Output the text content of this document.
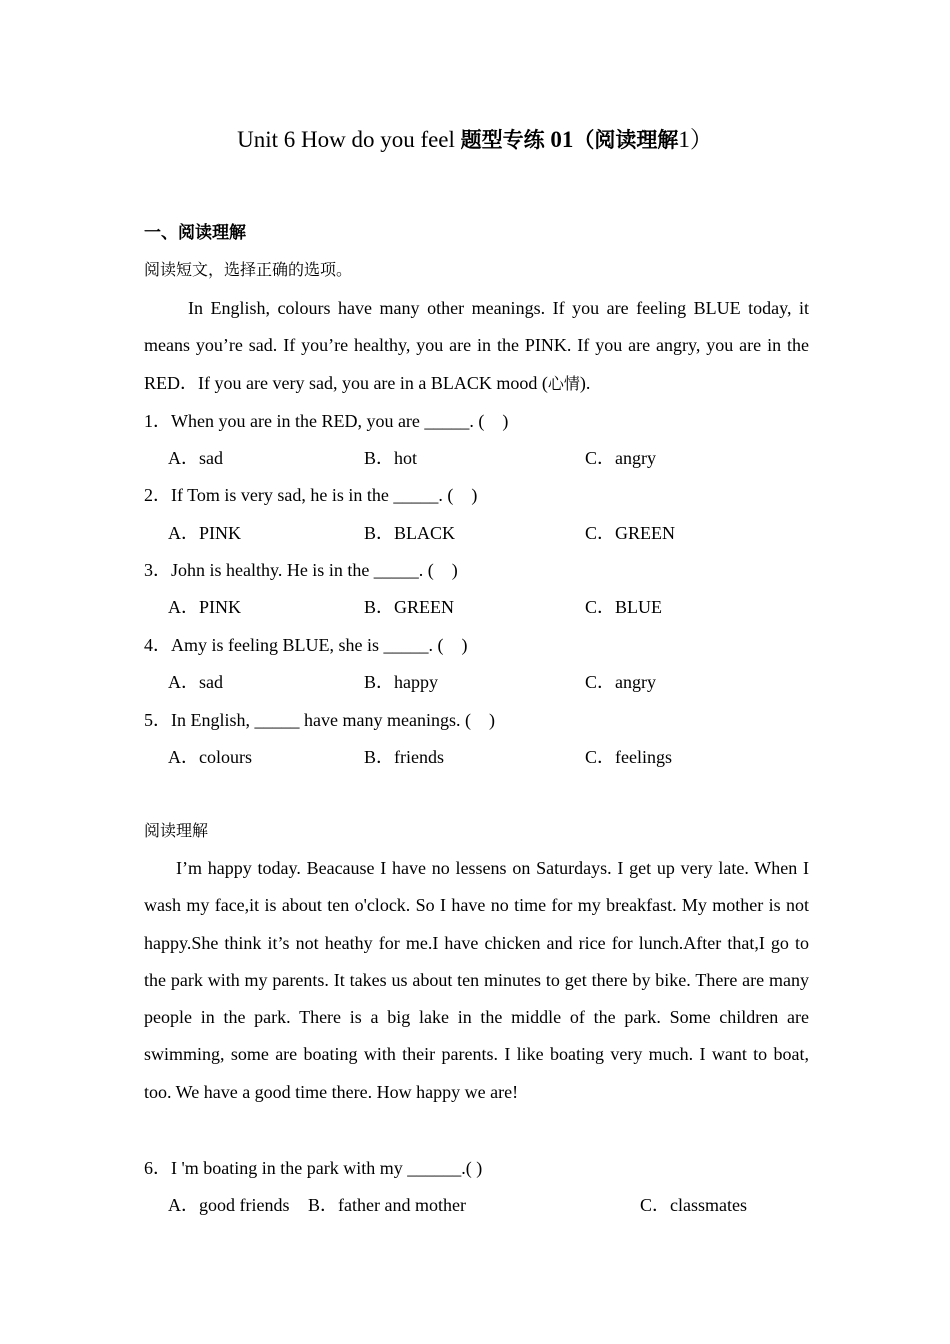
Unit 6 How do you feel 题型专练 01（阅读理解1）
一、阅读理解
阅读短文，选择正确的选项。

In English, colours have many other meanings. If you are feeling BLUE today, it means you’re sad. If you’re healthy, you are in the PINK. If you are angry, you are in the RED．If you are very sad, you are in a BLACK mood (心情).

1．When you are in the RED, you are _____. (　)
A．sad	B．hot	C．angry
2．If Tom is very sad, he is in the _____. (　)
A．PINK	B．BLACK	C．GREEN
3．John is healthy. He is in the _____. (　)
A．PINK	B．GREEN	C．BLUE
4．Amy is feeling BLUE, she is _____. (　)
A．sad	B．happy	C．angry
5．In English, _____ have many meanings. (　)
A．colours	B．friends	C．feelings
阅读理解

I’m happy today. Beacause I have no lessens on Saturdays. I get up very late. When I wash my face,it is about ten o'clock. So I have no time for my breakfast. My mother is not happy.She think it’s not heathy for me.I have chicken and rice for lunch.After that,I go to the park with my parents. It takes us about ten minutes to get there by bike. There are many people in the park. There is a big lake in the middle of the park. Some children are swimming, some are boating with their parents. I like boating very much. I want to boat, too. We have a good time there. How happy we are!

6．I 'm boating in the park with my ______.( )
A．good friends B．father and mother	C．classmates
